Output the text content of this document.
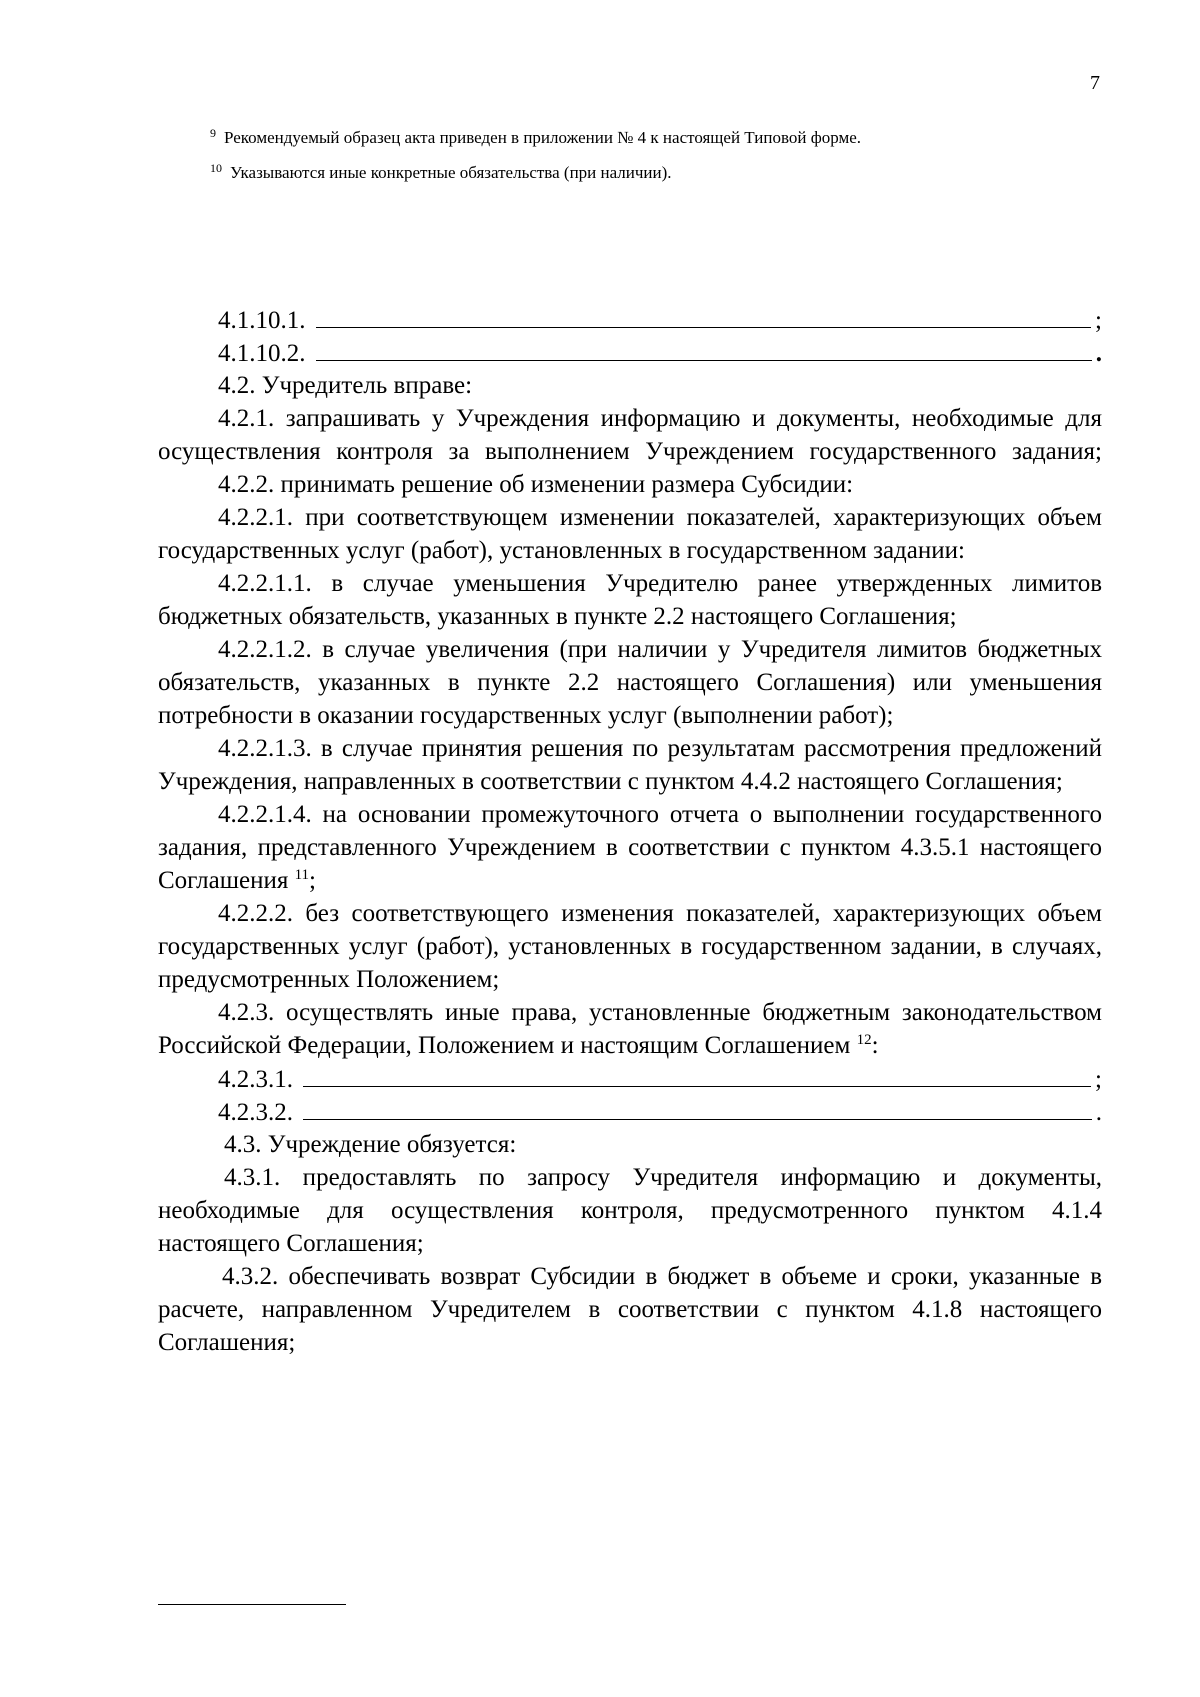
7
$^9$ Рекомендуемый образец акта приведен в приложении № 4 к настоящей Типовой форме.
$^{10}$ Указываются иные конкретные обязательства (при наличии).
4.1.10.1.	;
4.1.10.2.	.

4.2. Учредитель вправе:

4.2.1. запрашивать у Учреждения информацию и документы, необходимые для осуществления контроля за выполнением Учреждением государственного задания;

4.2.2. принимать решение об изменении размера Субсидии:

4.2.2.1. при соответствующем изменении показателей, характеризующих объем государственных услуг (работ), установленных в государственном задании:

4.2.2.1.1. в случае уменьшения Учредителю ранее утвержденных лимитов бюджетных обязательств, указанных в пункте 2.2 настоящего Соглашения;

4.2.2.1.2. в случае увеличения (при наличии у Учредителя лимитов бюджетных обязательств, указанных в пункте 2.2 настоящего Соглашения) или уменьшения потребности в оказании государственных услуг (выполнении работ);

4.2.2.1.3. в случае принятия решения по результатам рассмотрения предложений Учреждения, направленных в соответствии с пунктом 4.4.2 настоящего Соглашения;

4.2.2.1.4. на основании промежуточного отчета о выполнении государственного задания, представленного Учреждением в соответствии с пунктом 4.3.5.1 настоящего Соглашения $^{11}$;

4.2.2.2. без соответствующего изменения показателей, характеризующих объем государственных услуг (работ), установленных в государственном задании, в случаях, предусмотренных Положением;

4.2.3. осуществлять иные права, установленные бюджетным законодательством Российской Федерации, Положением и настоящим Соглашением $^{12}$:

4.2.3.1.	;
4.2.3.2.	.

4.3. Учреждение обязуется:

4.3.1. предоставлять по запросу Учредителя информацию и документы, необходимые для осуществления контроля, предусмотренного пунктом 4.1.4 настоящего Соглашения;

4.3.2. обеспечивать возврат Субсидии в бюджет в объеме и сроки, указанные в расчете, направленном Учредителем в соответствии с пунктом 4.1.8 настоящего Соглашения;
